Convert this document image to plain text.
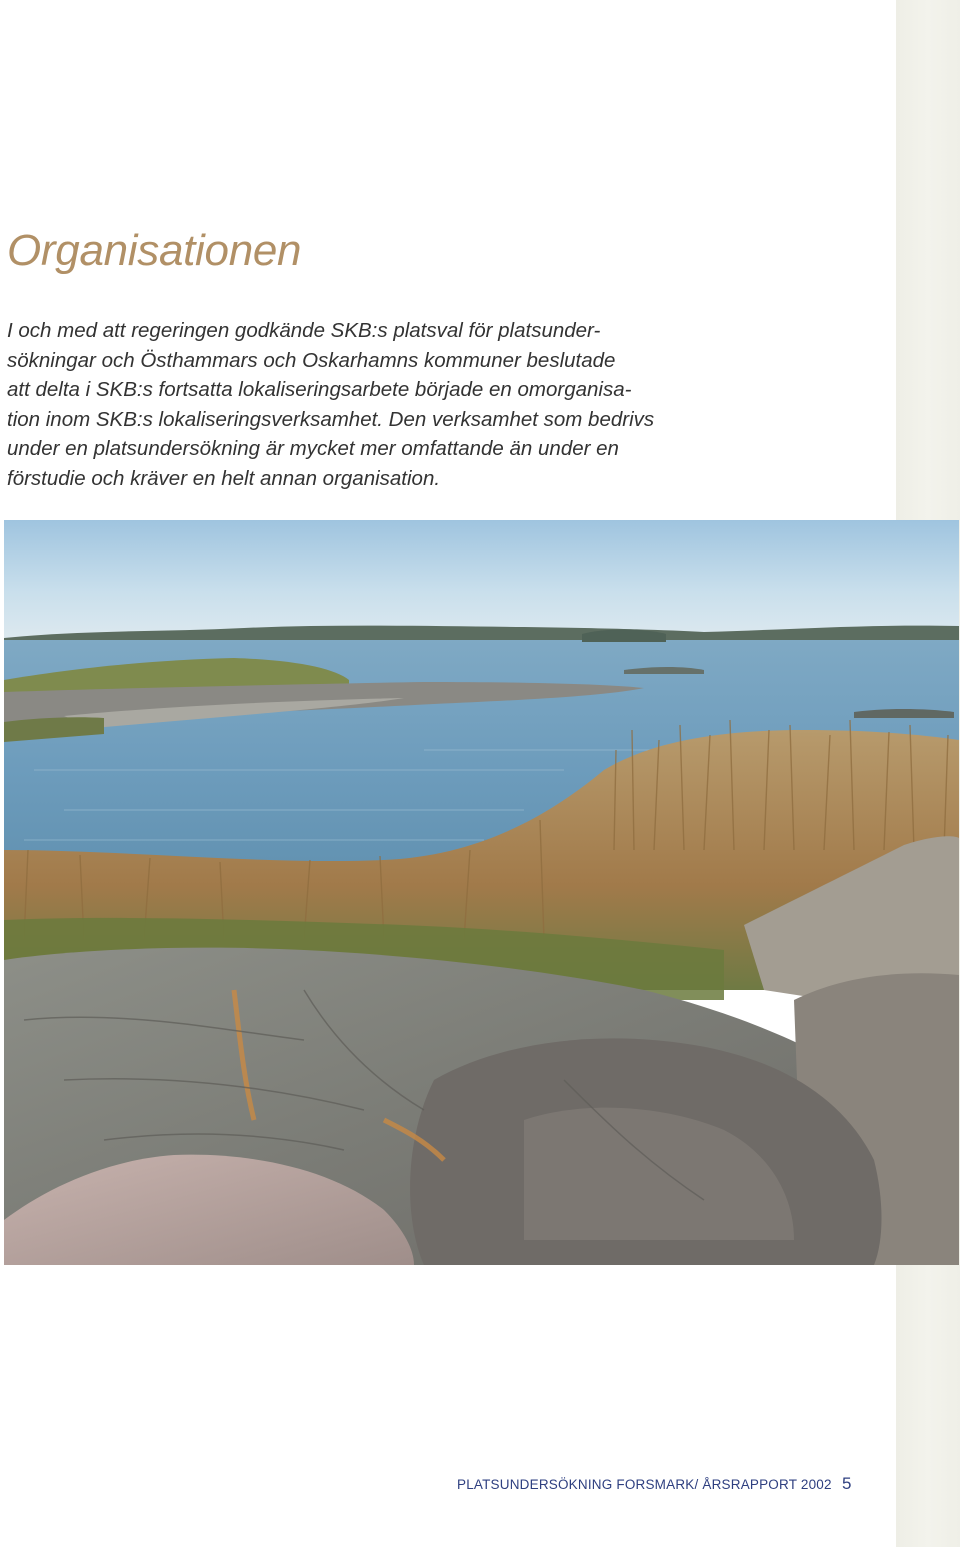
Organisationen

I och med att regeringen godkände SKB:s platsval för platsunder-
sökningar och Östhammars och Oskarhamns kommuner beslutade
att delta i SKB:s fortsatta lokaliseringsarbete började en omorganisa-
tion inom SKB:s lokaliseringsverksamhet. Den verksamhet som bedrivs
under en platsundersökning är mycket mer omfattande än under en
förstudie och kräver en helt annan organisation.

PLATSUNDERSÖKNING FORSMARK/ ÅRSRAPPORT 2002 5
